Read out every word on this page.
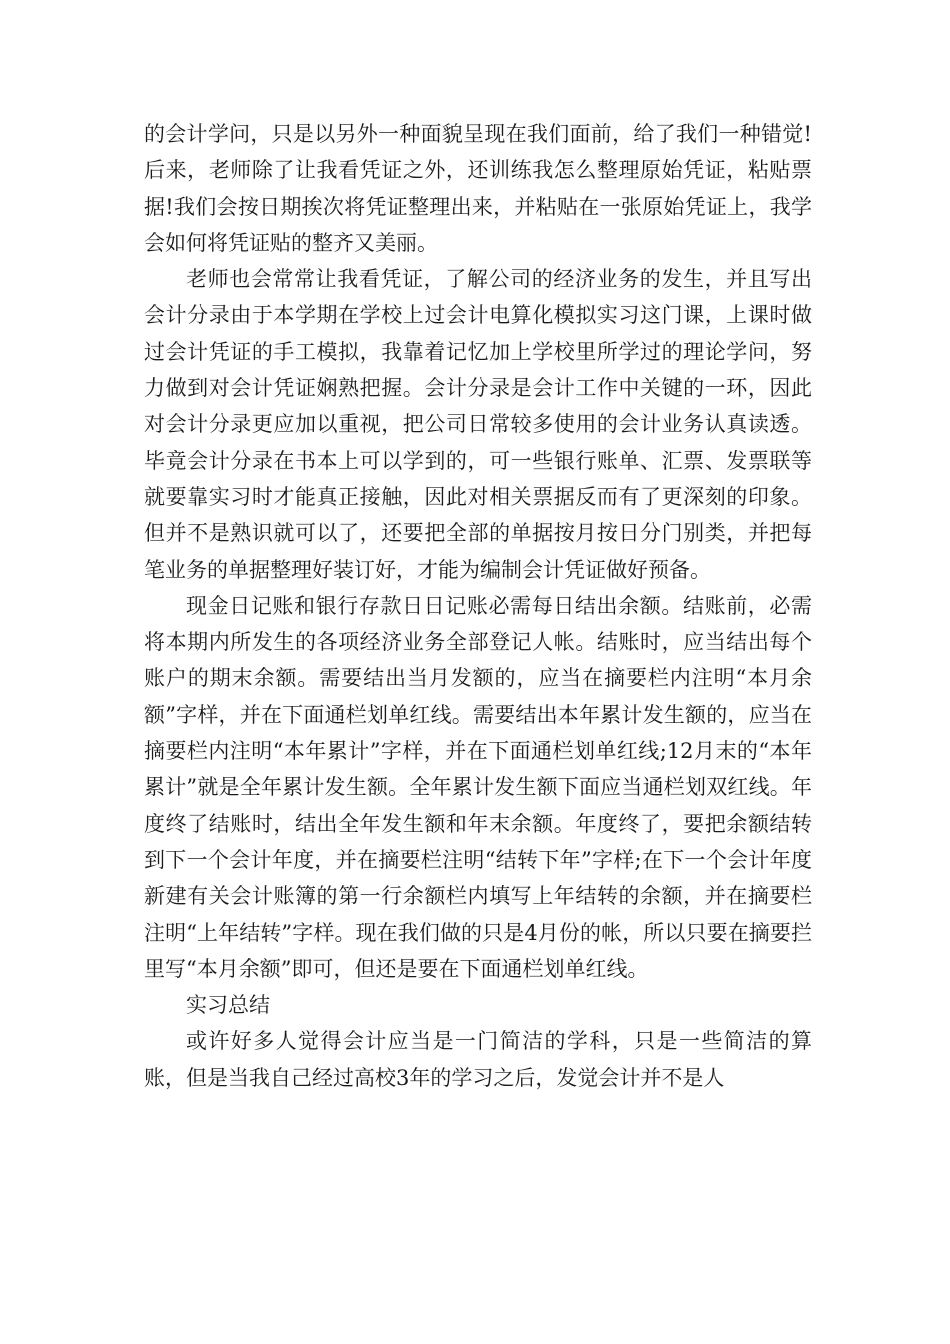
的会计学问，只是以另外一种面貌呈现在我们面前，给了我们一种错觉!后来，老师除了让我看凭证之外，还训练我怎么整理原始凭证，粘贴票据!我们会按日期挨次将凭证整理出来，并粘贴在一张原始凭证上，我学会如何将凭证贴的整齐又美丽。

老师也会常常让我看凭证，了解公司的经济业务的发生，并且写出会计分录由于本学期在学校上过会计电算化模拟实习这门课，上课时做过会计凭证的手工模拟，我靠着记忆加上学校里所学过的理论学问，努力做到对会计凭证娴熟把握。会计分录是会计工作中关键的一环，因此对会计分录更应加以重视，把公司日常较多使用的会计业务认真读透。毕竟会计分录在书本上可以学到的，可一些银行账单、汇票、发票联等就要靠实习时才能真正接触，因此对相关票据反而有了更深刻的印象。但并不是熟识就可以了，还要把全部的单据按月按日分门别类，并把每笔业务的单据整理好装订好，才能为编制会计凭证做好预备。

现金日记账和银行存款日日记账必需每日结出余额。结账前，必需将本期内所发生的各项经济业务全部登记人帐。结账时，应当结出每个账户的期末余额。需要结出当月发额的，应当在摘要栏内注明“本月余额”字样，并在下面通栏划单红线。需要结出本年累计发生额的，应当在摘要栏内注明“本年累计”字样，并在下面通栏划单红线;12月末的“本年累计”就是全年累计发生额。全年累计发生额下面应当通栏划双红线。年度终了结账时，结出全年发生额和年末余额。年度终了，要把余额结转到下一个会计年度，并在摘要栏注明“结转下年”字样;在下一个会计年度新建有关会计账簿的第一行余额栏内填写上年结转的余额，并在摘要栏注明“上年结转”字样。现在我们做的只是4月份的帐，所以只要在摘要拦里写“本月余额”即可，但还是要在下面通栏划单红线。

实习总结

或许好多人觉得会计应当是一门简洁的学科，只是一些简洁的算账，但是当我自己经过高校3年的学习之后，发觉会计并不是人
